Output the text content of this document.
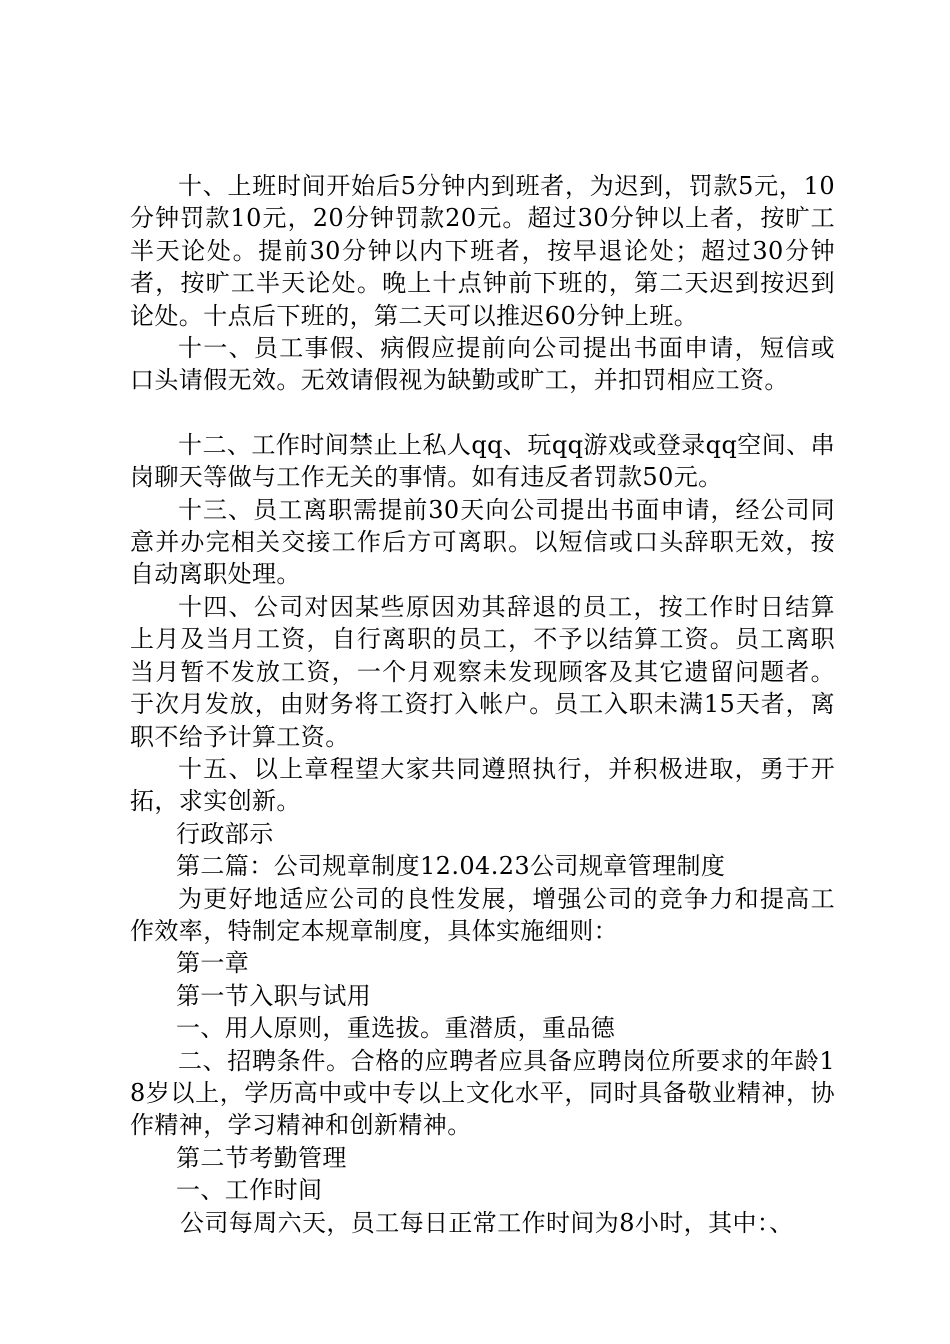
十、上班时间开始后5分钟内到班者，为迟到，罚款5元，10分钟罚款10元，20分钟罚款20元。超过30分钟以上者，按旷工半天论处。提前30分钟以内下班者，按早退论处；超过30分钟者，按旷工半天论处。晚上十点钟前下班的，第二天迟到按迟到论处。十点后下班的，第二天可以推迟60分钟上班。

十一、员工事假、病假应提前向公司提出书面申请，短信或口头请假无效。无效请假视为缺勤或旷工，并扣罚相应工资。

十二、工作时间禁止上私人qq、玩qq游戏或登录qq空间、串岗聊天等做与工作无关的事情。如有违反者罚款50元。

十三、员工离职需提前30天向公司提出书面申请，经公司同意并办完相关交接工作后方可离职。以短信或口头辞职无效，按自动离职处理。

十四、公司对因某些原因劝其辞退的员工，按工作时日结算上月及当月工资，自行离职的员工，不予以结算工资。员工离职当月暂不发放工资，一个月观察未发现顾客及其它遗留问题者。于次月发放，由财务将工资打入帐户。员工入职未满15天者，离职不给予计算工资。

十五、以上章程望大家共同遵照执行，并积极进取，勇于开拓，求实创新。

行政部示

第二篇：公司规章制度12.04.23公司规章管理制度

为更好地适应公司的良性发展，增强公司的竞争力和提高工作效率，特制定本规章制度，具体实施细则：

第一章

第一节入职与试用

一、用人原则，重选拔。重潜质，重品德

二、招聘条件。合格的应聘者应具备应聘岗位所要求的年龄18岁以上，学历高中或中专以上文化水平，同时具备敬业精神，协作精神，学习精神和创新精神。

第二节考勤管理

一、工作时间

公司每周六天，员工每日正常工作时间为8小时，其中：、
